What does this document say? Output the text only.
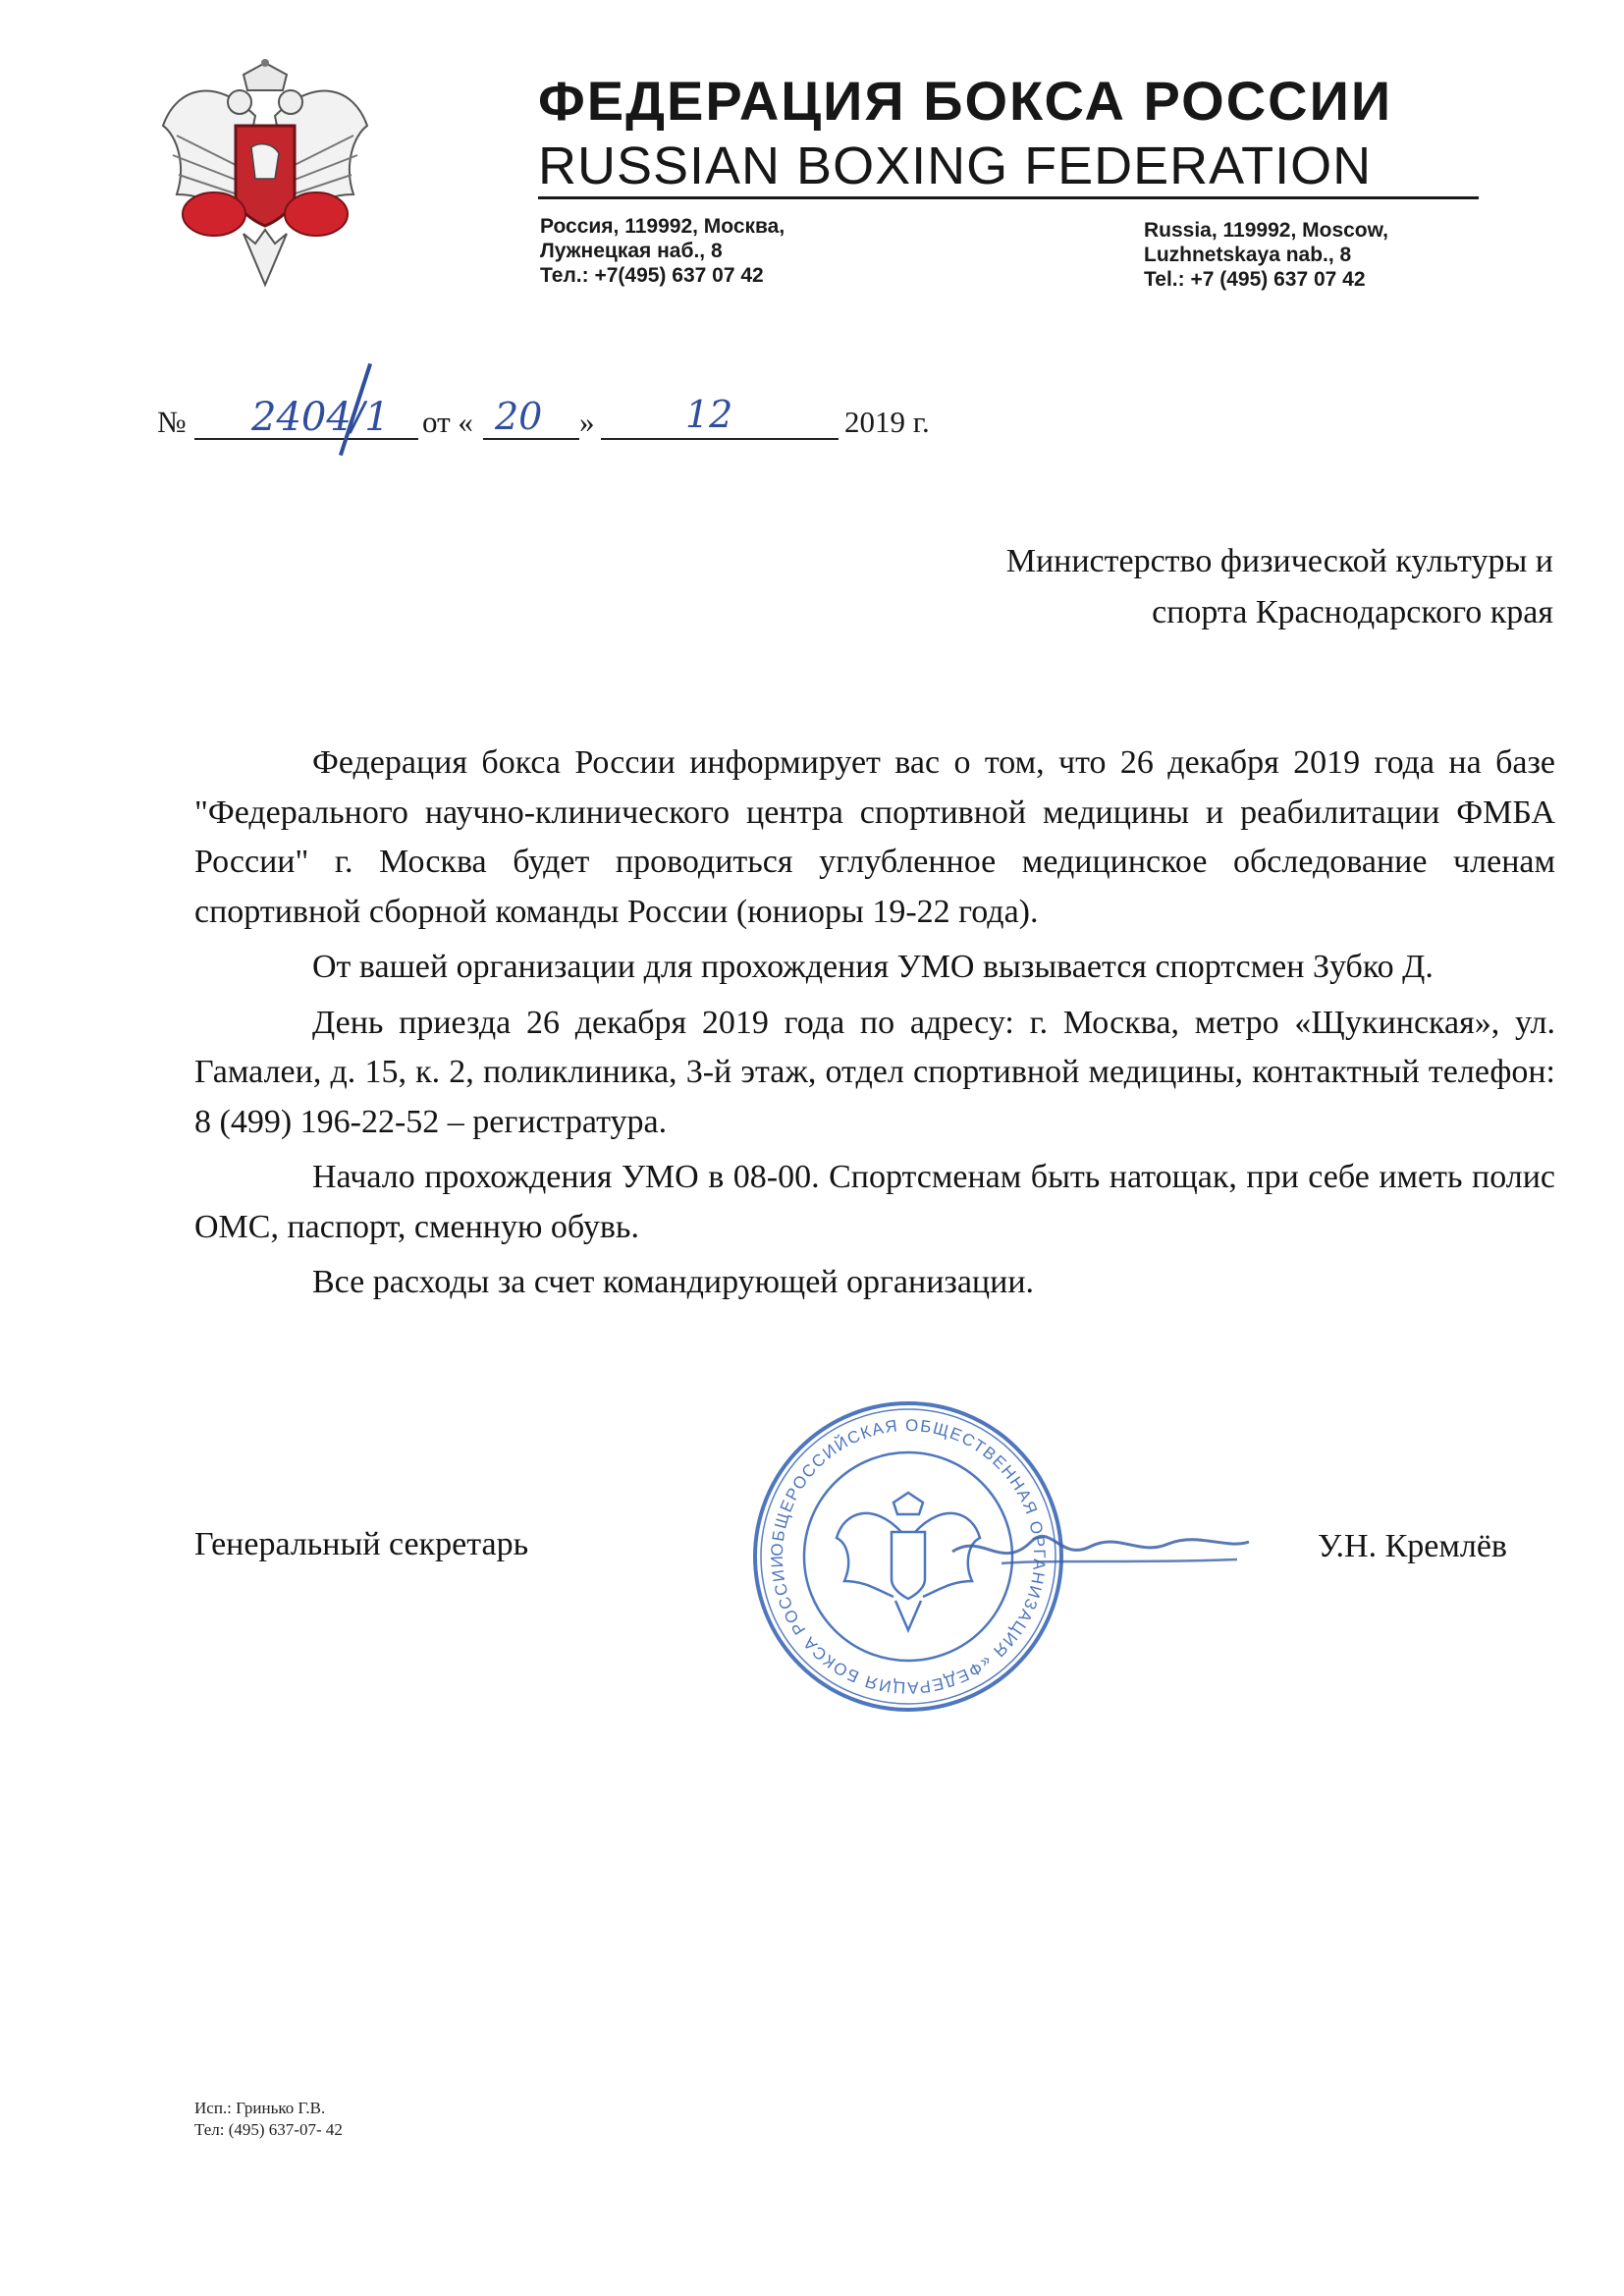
ФЕДЕРАЦИЯ БОКСА РОССИИ
RUSSIAN BOXING FEDERATION
Россия, 119992, Москва,
Лужнецкая наб., 8
Тел.: +7(495) 637 07 42
Russia, 119992, Moscow,
Luzhnetskaya nab., 8
Tel.: +7 (495) 637 07 42
№ 2404/1 от « 20 » 12	2019 г.
Министерство физической культуры и
спорта Краснодарского края

Федерация бокса России информирует вас о том, что 26 декабря 2019 года на базе "Федерального научно-клинического центра спортивной медицины и реабилитации ФМБА России" г. Москва будет проводиться углубленное медицинское обследование членам спортивной сборной команды России (юниоры 19-22 года).

От вашей организации для прохождения УМО вызывается спортсмен Зубко Д.

День приезда 26 декабря 2019 года по адресу: г. Москва, метро «Щукинская», ул. Гамалеи, д. 15, к. 2, поликлиника, 3-й этаж, отдел спортивной медицины, контактный телефон: 8 (499) 196-22-52 – регистратура.

Начало прохождения УМО в 08-00. Спортсменам быть натощак, при себе иметь полис ОМС, паспорт, сменную обувь.

Все расходы за счет командирующей организации.

ОБЩЕРОССИЙСКАЯ ОБЩЕСТВЕННАЯ ОРГАНИЗАЦИЯ «ФЕДЕРАЦИЯ БОКСА РОССИИ
Генеральный секретарь	У.Н. Кремлёв
Исп.: Гринько Г.В.
Тел: (495) 637-07- 42
